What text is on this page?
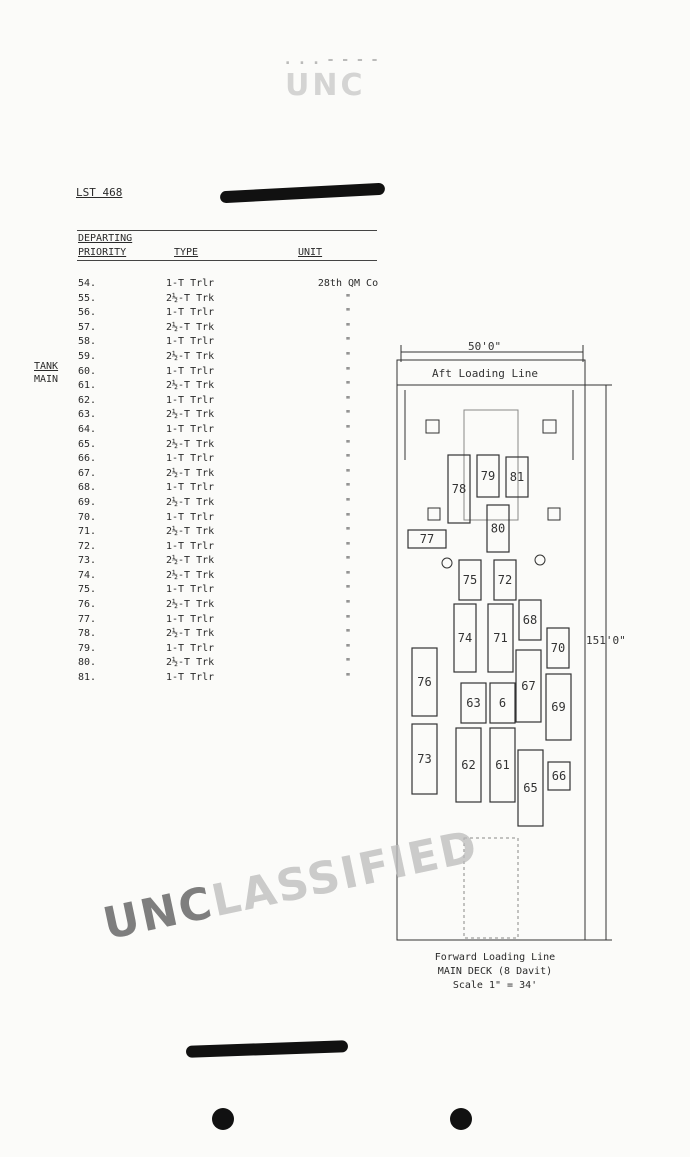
. . . - - - -
UNC
LST 468
DEPARTING
PRIORITY	TYPE	UNIT
54.	1-T Trlr	28th QM Co
55.	2½-T Trk	"
56.	1-T Trlr	"
57.	2½-T Trk	"
58.	1-T Trlr	"
59.	2½-T Trk	"
60.	1-T Trlr	"
61.	2½-T Trk	"
62.	1-T Trlr	"
63.	2½-T Trk	"
64.	1-T Trlr	"
65.	2½-T Trk	"
66.	1-T Trlr	"
67.	2½-T Trk	"
68.	1-T Trlr	"
69.	2½-T Trk	"
70.	1-T Trlr	"
71.	2½-T Trk	"
72.	1-T Trlr	"
73.	2½-T Trk	"
74.	2½-T Trk	"
75.	1-T Trlr	"
76.	2½-T Trk	"
77.	1-T Trlr	"
78.	2½-T Trk	"
79.	1-T Trlr	"
80.	2½-T Trk	"
81.	1-T Trlr	"
TANK
MAIN
79 81
78
80
77
75 72
68
74 71
70
76
63 6
67
69
73 62 61
65
66
50'0"
Aft Loading Line
151'0"
Forward Loading Line
MAIN DECK (8 Davit)
Scale 1" = 34'
UNCLASSIFIED
